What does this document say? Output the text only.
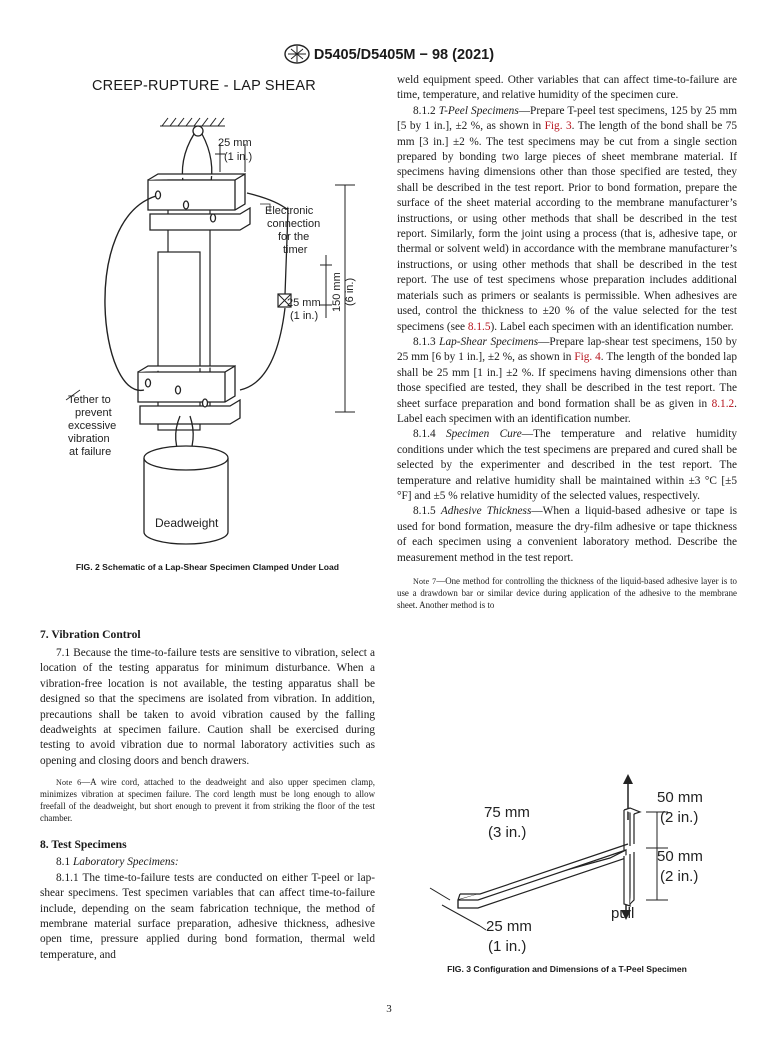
D5405/D5405M − 98 (2021)
CREEP-RUPTURE - LAP SHEAR
25 mm
(1 in.)
Electronic
connection
for the
timer
25 mm
(1 in.)
150 mm (6 in.)
Tether to
prevent
excessive
vibration
at failure
Deadweight
FIG. 2 Schematic of a Lap-Shear Specimen Clamped Under Load
7. Vibration Control

7.1 Because the time-to-failure tests are sensitive to vibration, select a location of the testing apparatus for minimum disturbance. When a vibration-free location is not available, the testing apparatus shall be designed so that the specimens are isolated from vibration. In addition, precautions shall be taken to avoid vibration caused by the falling deadweights at specimen failure. Caution shall be exercised during testing to avoid vibration due to normal laboratory activities such as opening and closing doors and bench drawers.

Note 6—A wire cord, attached to the deadweight and also upper specimen clamp, minimizes vibration at specimen failure. The cord length must be long enough to allow freefall of the deadweight, but short enough to prevent it from striking the floor of the test chamber.

8. Test Specimens

8.1 Laboratory Specimens:

8.1.1 The time-to-failure tests are conducted on either T-peel or lap-shear specimens. Test specimen variables that can affect time-to-failure include, depending on the seam fabrication technique, the method of membrane material surface preparation, adhesive thickness, adhesive open time, pressure applied during bond formation, thermal weld temperature, and

weld equipment speed. Other variables that can affect time-to-failure are time, temperature, and relative humidity of the specimen cure.

8.1.2 T-Peel Specimens—Prepare T-peel test specimens, 125 by 25 mm [5 by 1 in.], ±2 %, as shown in Fig. 3. The length of the bond shall be 75 mm [3 in.] ±2 %. The test specimens may be cut from a single section prepared by bonding two large pieces of sheet membrane material. If specimens having dimensions other than those specified are tested, they shall be described in the test report. Prior to bond formation, prepare the surface of the sheet material according to the membrane manufacturer’s instructions, or using other methods that shall be described in the test report. Similarly, form the joint using a process (that is, adhesive tape, or thermal or solvent weld) in accordance with the membrane manufacturer’s instructions, or using other methods that shall be described in the test report. The use of test specimens whose preparation includes additional materials such as primers or sealants is permissible. When adhesives are used, control the thickness to ±20 % of the value selected for the test specimens (see 8.1.5). Label each specimen with an identification number.

8.1.3 Lap-Shear Specimens—Prepare lap-shear test specimens, 150 by 25 mm [6 by 1 in.], ±2 %, as shown in Fig. 4. The length of the bonded lap shall be 25 mm [1 in.] ±2 %. If specimens having dimensions other than those specified are tested, they shall be described in the test report. The sheet surface preparation and bond formation shall be as given in 8.1.2. Label each specimen with an identification number.

8.1.4 Specimen Cure—The temperature and relative humidity conditions under which the test specimens are prepared and cured shall be selected by the experimenter and described in the test report. The temperature and relative humidity shall be maintained within ±3 °C [±5 °F] and ±5 % relative humidity of the selected values, respectively.

8.1.5 Adhesive Thickness—When a liquid-based adhesive or tape is used for bond formation, measure the dry-film adhesive or tape thickness of each specimen using a convenient laboratory method. Describe the measurement method in the test report.

Note 7—One method for controlling the thickness of the liquid-based adhesive layer is to use a drawdown bar or similar device during application of the adhesive to the membrane sheet. Another method is to

75 mm
(3 in.)
50 mm
(2 in.)
50 mm
(2 in.)
pull
25 mm
(1 in.)
FIG. 3 Configuration and Dimensions of a T-Peel Specimen
3
